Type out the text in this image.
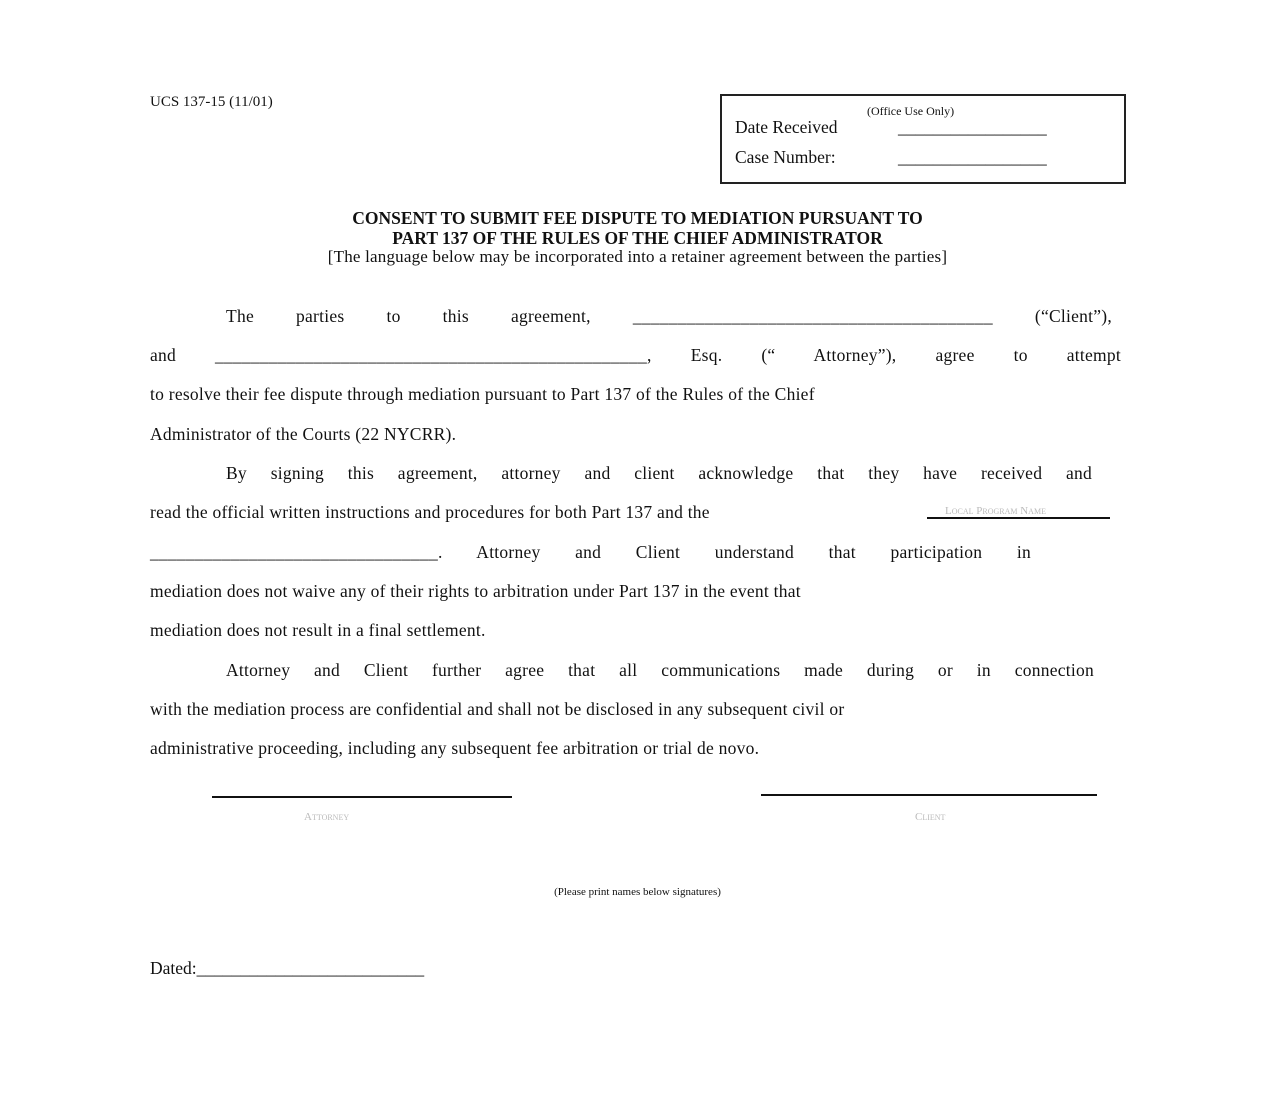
UCS 137-15 (11/01)
(Office Use Only)
Date Received	_________________
Case Number:	_________________
CONSENT TO SUBMIT FEE DISPUTE TO MEDIATION PURSUANT TO
PART 137 OF THE RULES OF THE CHIEF ADMINISTRATOR
[The language below may be incorporated into a retainer agreement between the parties]
The parties to this agreement, ________________________________________ (“Client”),
and ________________________________________________, Esq. (“ Attorney”), agree to attempt
to resolve their fee dispute through mediation pursuant to Part 137 of the Rules of the Chief
Administrator of the Courts (22 NYCRR).
By signing this agreement, attorney and client acknowledge that they have received and
read the official written instructions and procedures for both Part 137 and the	Local Program Name
________________________________. Attorney and Client understand that participation in
mediation does not waive any of their rights to arbitration under Part 137 in the event that
mediation does not result in a final settlement.
Attorney and Client further agree that all communications made during or in connection
with the mediation process are confidential and shall not be disclosed in any subsequent civil or
administrative proceeding, including any subsequent fee arbitration or trial de novo.
Attorney	Client
(Please print names below signatures)
Dated:__________________________
